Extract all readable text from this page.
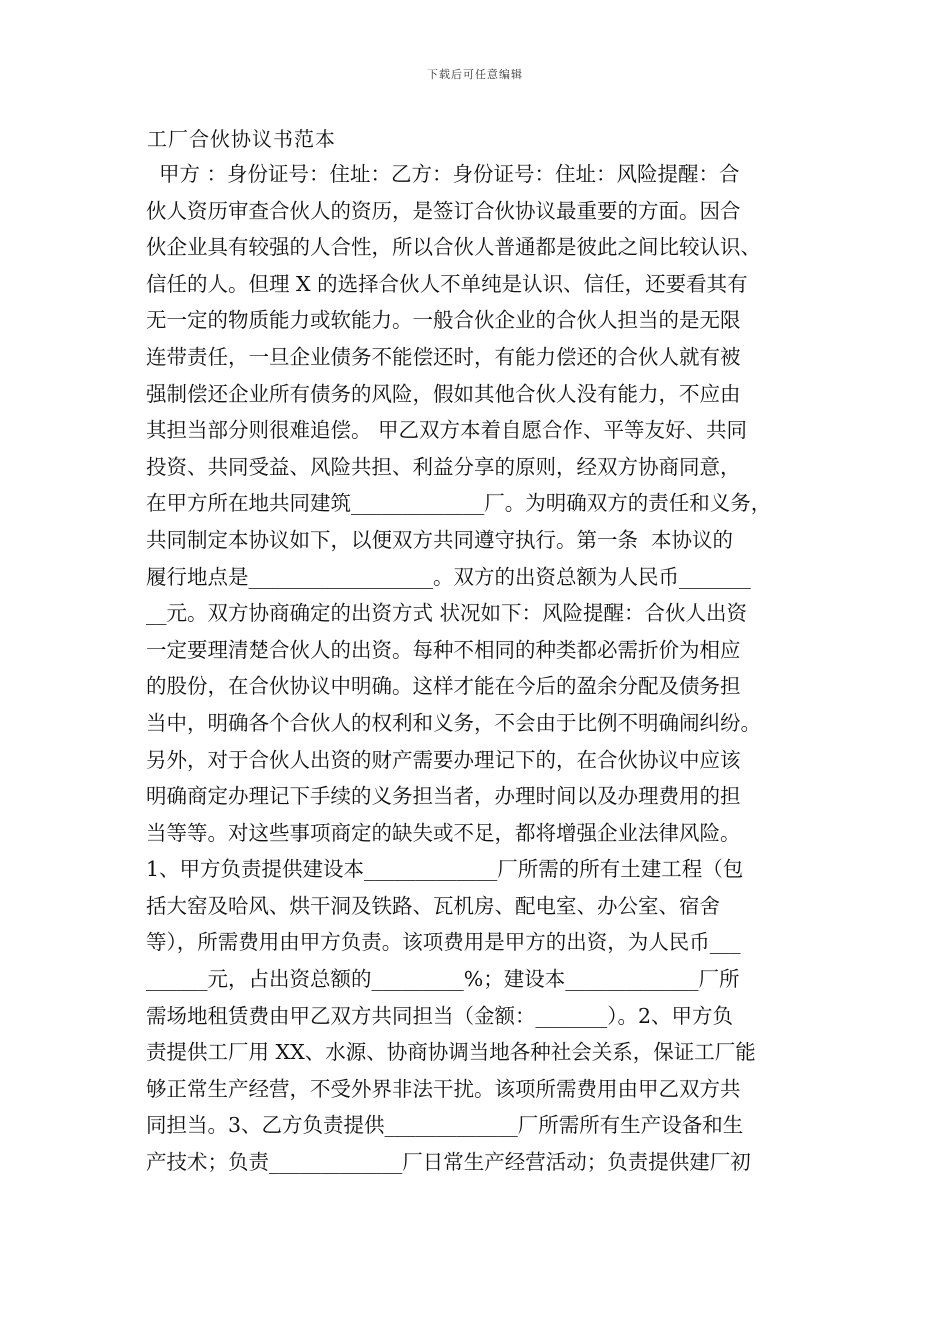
下载后可任意编辑
工厂合伙协议书范本
甲方 ：身份证号：住址：乙方：身份证号：住址：风险提醒：合
伙人资历审查合伙人的资历，是签订合伙协议最重要的方面。因合
伙企业具有较强的人合性，所以合伙人普通都是彼此之间比较认识、
信任的人。但理 X 的选择合伙人不单纯是认识、信任，还要看其有
无一定的物质能力或软能力。一般合伙企业的合伙人担当的是无限
连带责任，一旦企业债务不能偿还时，有能力偿还的合伙人就有被
强制偿还企业所有债务的风险，假如其他合伙人没有能力，不应由
其担当部分则很难追偿。 甲乙双方本着自愿合作、平等友好、共同
投资、共同受益、风险共担、利益分享的原则，经双方协商同意，
在甲方所在地共同建筑_____________厂。为明确双方的责任和义务，
共同制定本协议如下，以便双方共同遵守执行。第一条  本协议的
履行地点是__________________。双方的出资总额为人民币_______
__元。双方协商确定的出资方式 状况如下：风险提醒：合伙人出资
一定要理清楚合伙人的出资。每种不相同的种类都必需折价为相应
的股份，在合伙协议中明确。这样才能在今后的盈余分配及债务担
当中，明确各个合伙人的权利和义务，不会由于比例不明确闹纠纷。
另外，对于合伙人出资的财产需要办理记下的，在合伙协议中应该
明确商定办理记下手续的义务担当者，办理时间以及办理费用的担
当等等。对这些事项商定的缺失或不足，都将增强企业法律风险。
1、甲方负责提供建设本_____________厂所需的所有土建工程（包
括大窑及哈风、烘干洞及铁路、瓦机房、配电室、办公室、宿舍
等），所需费用由甲方负责。该项费用是甲方的出资，为人民币___
______元，占出资总额的_________%；建设本_____________厂所
需场地租赁费由甲乙双方共同担当（金额：_______）。2、甲方负
责提供工厂用 XX、水源、协商协调当地各种社会关系，保证工厂能
够正常生产经营，不受外界非法干扰。该项所需费用由甲乙双方共
同担当。3、乙方负责提供_____________厂所需所有生产设备和生
产技术；负责_____________厂日常生产经营活动；负责提供建厂初
